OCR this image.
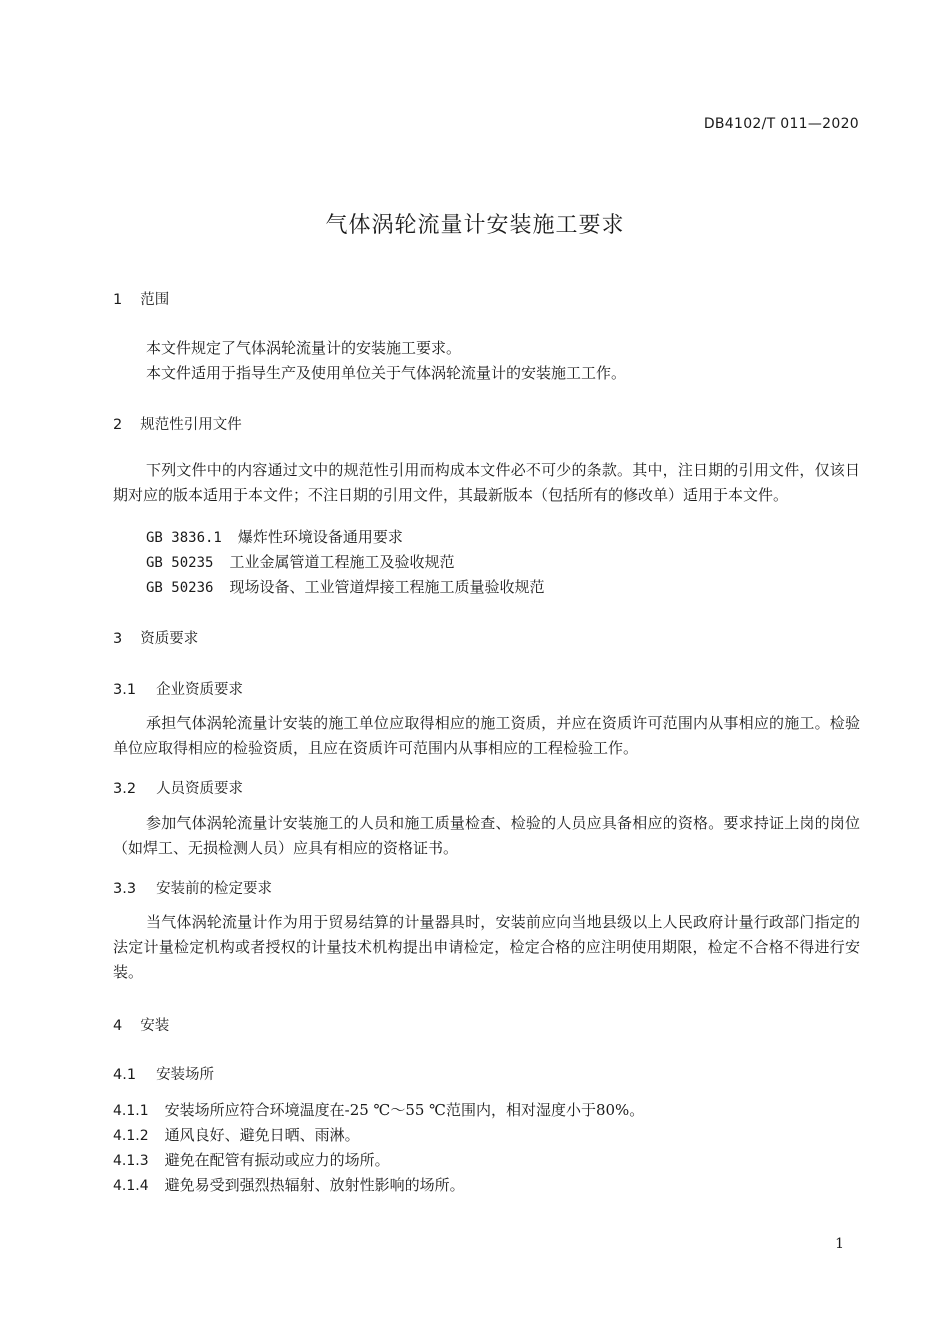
DB4102/T 011—2020
气体涡轮流量计安装施工要求
1 范围
本文件规定了气体涡轮流量计的安装施工要求。
本文件适用于指导生产及使用单位关于气体涡轮流量计的安装施工工作。
2 规范性引用文件
下列文件中的内容通过文中的规范性引用而构成本文件必不可少的条款。其中，注日期的引用文件，仅该日期对应的版本适用于本文件；不注日期的引用文件，其最新版本（包括所有的修改单）适用于本文件。
GB 3836.1 爆炸性环境设备通用要求
GB 50235 工业金属管道工程施工及验收规范
GB 50236 现场设备、工业管道焊接工程施工质量验收规范
3 资质要求
3.1 企业资质要求
承担气体涡轮流量计安装的施工单位应取得相应的施工资质，并应在资质许可范围内从事相应的施工。检验单位应取得相应的检验资质，且应在资质许可范围内从事相应的工程检验工作。
3.2 人员资质要求
参加气体涡轮流量计安装施工的人员和施工质量检查、检验的人员应具备相应的资格。要求持证上岗的岗位（如焊工、无损检测人员）应具有相应的资格证书。
3.3 安装前的检定要求
当气体涡轮流量计作为用于贸易结算的计量器具时，安装前应向当地县级以上人民政府计量行政部门指定的法定计量检定机构或者授权的计量技术机构提出申请检定，检定合格的应注明使用期限，检定不合格不得进行安装。
4 安装
4.1 安装场所
4.1.1 安装场所应符合环境温度在-25 ℃～55 ℃范围内，相对湿度小于80%。
4.1.2 通风良好、避免日晒、雨淋。
4.1.3 避免在配管有振动或应力的场所。
4.1.4 避免易受到强烈热辐射、放射性影响的场所。
1
